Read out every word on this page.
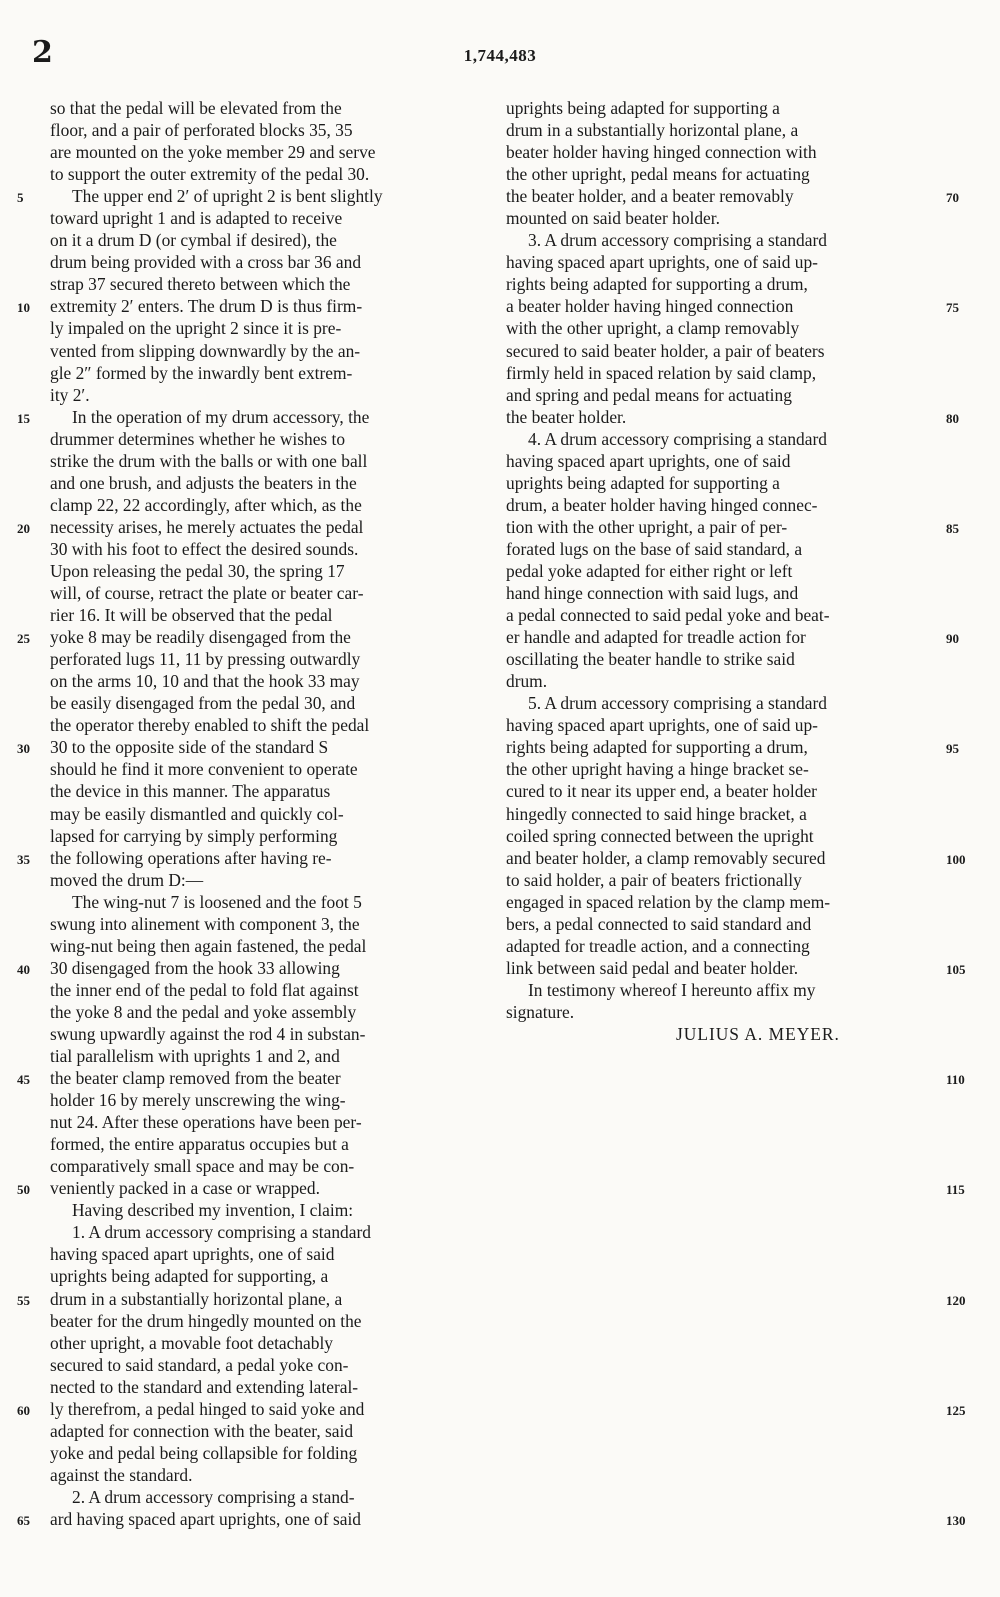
2	1,744,483
5
10
15
20
25
30
35
40
45
50
55
60
65
so that the pedal will be elevated from the
floor, and a pair of perforated blocks 35, 35
are mounted on the yoke member 29 and serve
to support the outer extremity of the pedal 30.
The upper end 2′ of upright 2 is bent slightly
toward upright 1 and is adapted to receive
on it a drum D (or cymbal if desired), the
drum being provided with a cross bar 36 and
strap 37 secured thereto between which the
extremity 2′ enters. The drum D is thus firm-
ly impaled on the upright 2 since it is pre-
vented from slipping downwardly by the an-
gle 2″ formed by the inwardly bent extrem-
ity 2′.
In the operation of my drum accessory, the
drummer determines whether he wishes to
strike the drum with the balls or with one ball
and one brush, and adjusts the beaters in the
clamp 22, 22 accordingly, after which, as the
necessity arises, he merely actuates the pedal
30 with his foot to effect the desired sounds.
Upon releasing the pedal 30, the spring 17
will, of course, retract the plate or beater car-
rier 16. It will be observed that the pedal
yoke 8 may be readily disengaged from the
perforated lugs 11, 11 by pressing outwardly
on the arms 10, 10 and that the hook 33 may
be easily disengaged from the pedal 30, and
the operator thereby enabled to shift the pedal
30 to the opposite side of the standard S
should he find it more convenient to operate
the device in this manner. The apparatus
may be easily dismantled and quickly col-
lapsed for carrying by simply performing
the following operations after having re-
moved the drum D:—
The wing-nut 7 is loosened and the foot 5
swung into alinement with component 3, the
wing-nut being then again fastened, the pedal
30 disengaged from the hook 33 allowing
the inner end of the pedal to fold flat against
the yoke 8 and the pedal and yoke assembly
swung upwardly against the rod 4 in substan-
tial parallelism with uprights 1 and 2, and
the beater clamp removed from the beater
holder 16 by merely unscrewing the wing-
nut 24. After these operations have been per-
formed, the entire apparatus occupies but a
comparatively small space and may be con-
veniently packed in a case or wrapped.
Having described my invention, I claim:
1. A drum accessory comprising a standard
having spaced apart uprights, one of said
uprights being adapted for supporting, a
drum in a substantially horizontal plane, a
beater for the drum hingedly mounted on the
other upright, a movable foot detachably
secured to said standard, a pedal yoke con-
nected to the standard and extending lateral-
ly therefrom, a pedal hinged to said yoke and
adapted for connection with the beater, said
yoke and pedal being collapsible for folding
against the standard.
2. A drum accessory comprising a stand-
ard having spaced apart uprights, one of said
uprights being adapted for supporting a
drum in a substantially horizontal plane, a
beater holder having hinged connection with
the other upright, pedal means for actuating
the beater holder, and a beater removably
mounted on said beater holder.
3. A drum accessory comprising a standard
having spaced apart uprights, one of said up-
rights being adapted for supporting a drum,
a beater holder having hinged connection
with the other upright, a clamp removably
secured to said beater holder, a pair of beaters
firmly held in spaced relation by said clamp,
and spring and pedal means for actuating
the beater holder.
4. A drum accessory comprising a standard
having spaced apart uprights, one of said
uprights being adapted for supporting a
drum, a beater holder having hinged connec-
tion with the other upright, a pair of per-
forated lugs on the base of said standard, a
pedal yoke adapted for either right or left
hand hinge connection with said lugs, and
a pedal connected to said pedal yoke and beat-
er handle and adapted for treadle action for
oscillating the beater handle to strike said
drum.
5. A drum accessory comprising a standard
having spaced apart uprights, one of said up-
rights being adapted for supporting a drum,
the other upright having a hinge bracket se-
cured to it near its upper end, a beater holder
hingedly connected to said hinge bracket, a
coiled spring connected between the upright
and beater holder, a clamp removably secured
to said holder, a pair of beaters frictionally
engaged in spaced relation by the clamp mem-
bers, a pedal connected to said standard and
adapted for treadle action, and a connecting
link between said pedal and beater holder.
In testimony whereof I hereunto affix my
signature.
JULIUS A. MEYER.
70
75
80
85
90
95
100
105
110
115
120
125
130
